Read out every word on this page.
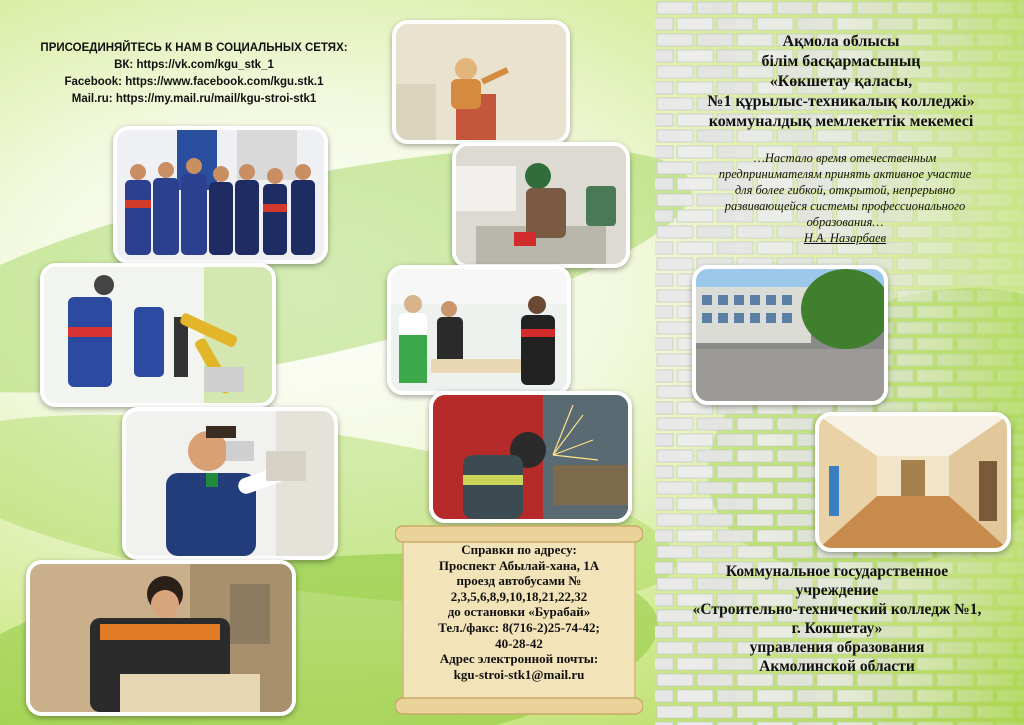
ПРИСОЕДИНЯЙТЕСЬ К НАМ В СОЦИАЛЬНЫХ СЕТЯХ:
ВК: https://vk.com/kgu_stk_1
Facebook: https://www.facebook.com/kgu.stk.1
Mail.ru: https://my.mail.ru/mail/kgu-stroi-stk1
Справки по адресу:
Проспект Абылай-хана, 1А
проезд автобусами №
2,3,5,6,8,9,10,18,21,22,32
до остановки «Бурабай»
Тел./факс: 8(716-2)25-74-42;
40-28-42
Адрес электронной почты:
kgu-stroi-stk1@mail.ru
Ақмола облысы
білім басқармасының
«Көкшетау қаласы,
№1 құрылыс-техникалық колледжі»
коммуналдық мемлекеттік мекемесі
…Настало время отечественным
предпринимателям принять активное участие
для более гибкой, открытой, непрерывно
развивающейся системы профессионального
образования…
Н.А. Назарбаев
Коммунальное государственное
учреждение
«Строительно-технический колледж №1,
г. Кокшетау»
управления образования
Акмолинской области
